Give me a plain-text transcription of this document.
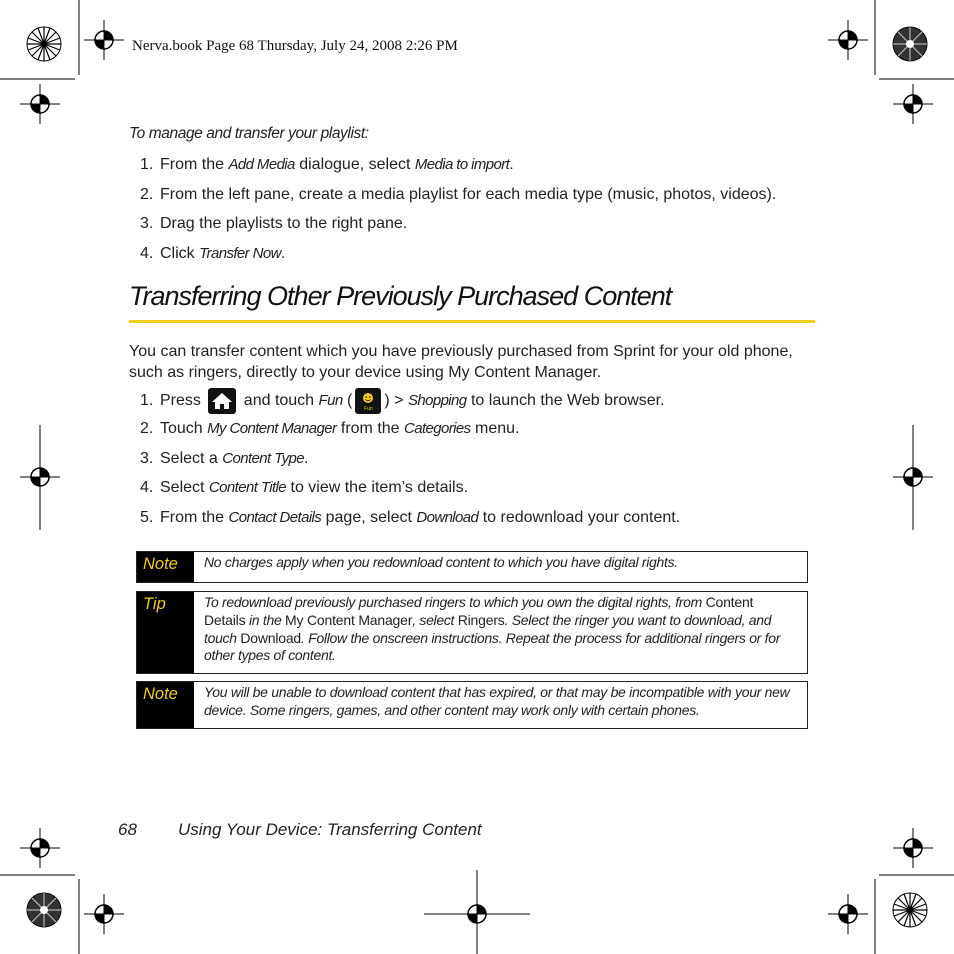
Nerva.book Page 68 Thursday, July 24, 2008 2:26 PM
To manage and transfer your playlist:
1. From the Add Media dialogue, select Media to import.
2. From the left pane, create a media playlist for each media type (music, photos, videos).
3. Drag the playlists to the right pane.
4. Click Transfer Now.
Transferring Other Previously Purchased Content
You can transfer content which you have previously purchased from Sprint for your old phone, such as ringers, directly to your device using My Content Manager.
1. Press
and touch Fun (	Fun ) > Shopping to launch the Web browser.
2. Touch My Content Manager from the Categories menu.
3. Select a Content Type.
4. Select Content Title to view the item’s details.
5. From the Contact Details page, select Download to redownload your content.
Note No charges apply when you redownload content to which you have digital rights.
Tip	To redownload previously purchased ringers to which you own the digital rights, from Content Details in the My Content Manager, select Ringers. Select the ringer you want to download, and touch Download. Follow the onscreen instructions. Repeat the process for additional ringers or for other types of content.
Note You will be unable to download content that has expired, or that may be incompatible with your new device. Some ringers, games, and other content may work only with certain phones.
68 Using Your Device: Transferring Content
